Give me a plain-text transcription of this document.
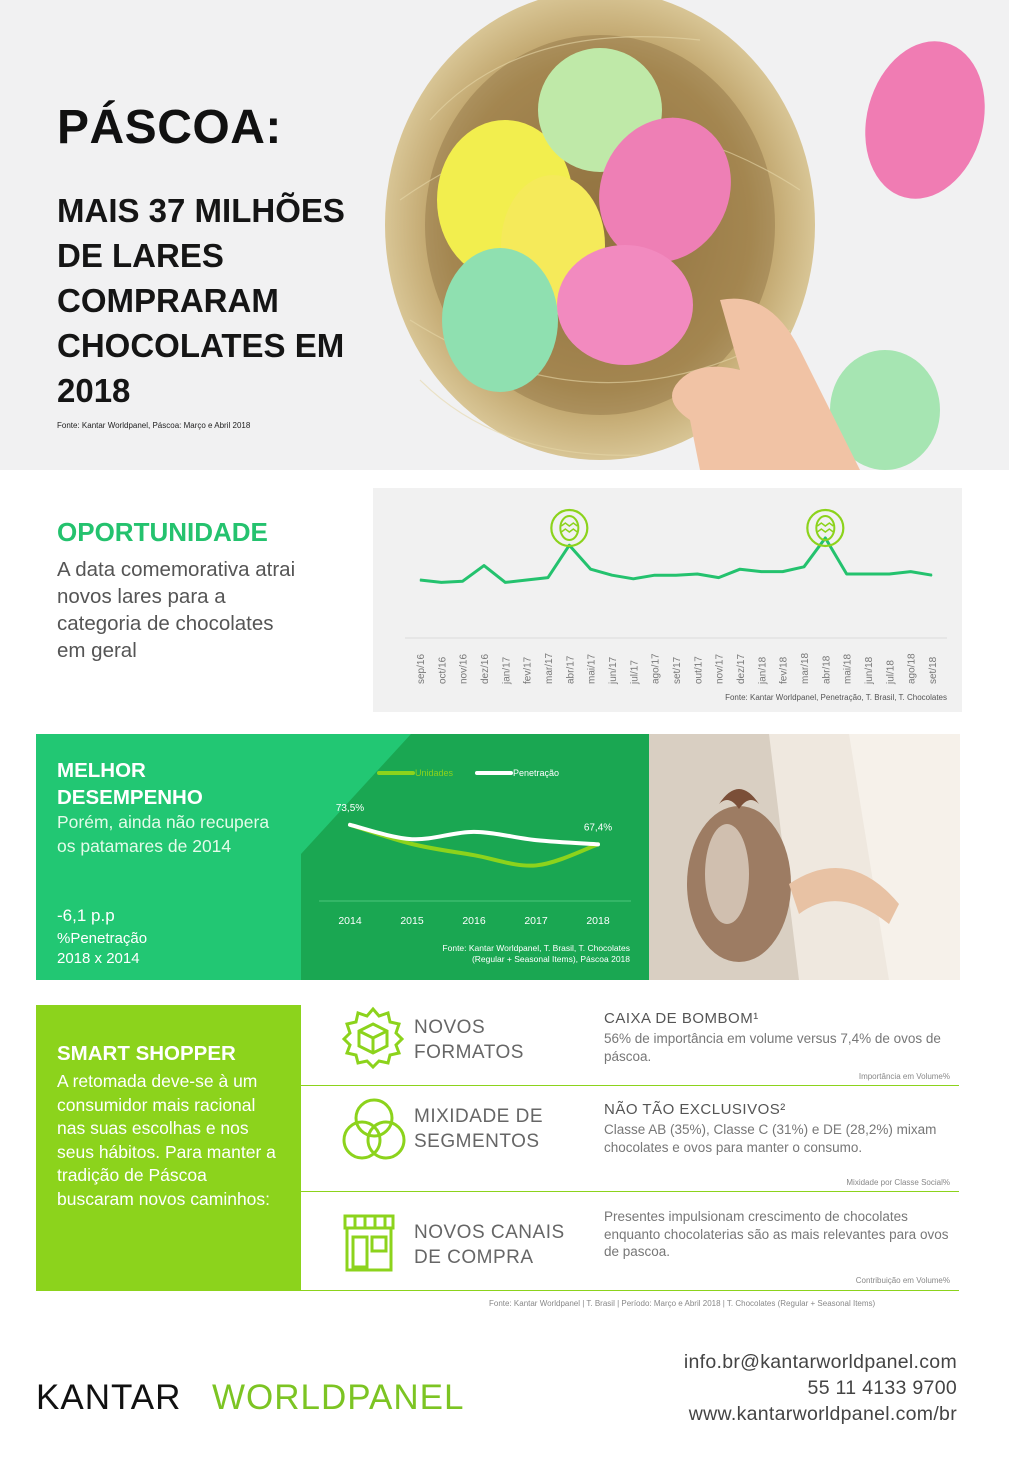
PÁSCOA:

MAIS 37 MILHÕES DE LARES COMPRARAM CHOCOLATES EM 2018

Fonte: Kantar Worldpanel, Páscoa: Março e Abril 2018
OPORTUNIDADE
A data comemorativa atrai novos lares para a categoria de chocolates em geral
sep/16 oct/16 nov/16 dez/16 jan/17 fev/17 mar/17 abr/17 mai/17 jun/17 jul/17 ago/17 set/17 out/17 nov/17 dez/17 jan/18 fev/18 mar/18 abr/18 mai/18 jun/18 jul/18 ago/18 set/18
Fonte: Kantar Worldpanel, Penetração, T. Brasil, T. Chocolates
MELHOR DESEMPENHO
Porém, ainda não recupera os patamares de 2014
-6,1 p.p
%Penetração
2018 x 2014
Unidades	Penetração
2014	2015	2016	2017	2018
73,5%
67,4%
Fonte: Kantar Worldpanel, T. Brasil, T. Chocolates
(Regular + Seasonal Items), Páscoa 2018
SMART SHOPPER
A retomada deve-se à um consumidor mais racional nas suas escolhas e nos seus hábitos. Para manter a tradição de Páscoa buscaram novos caminhos:
NOVOS
FORMATOS
CAIXA DE BOMBOM¹
56% de importância em volume versus 7,4% de ovos de páscoa.
Importância em Volume%
MIXIDADE DE
SEGMENTOS
NÃO TÃO EXCLUSIVOS²
Classe AB (35%), Classe C (31%) e DE (28,2%) mixam chocolates e ovos para manter o consumo.
Mixidade por Classe Social%
NOVOS CANAIS
DE COMPRA
Presentes impulsionam crescimento de chocolates enquanto chocolaterias são as mais relevantes para ovos de pascoa.
Contribuição em Volume%
Fonte: Kantar Worldpanel | T. Brasil | Período: Março e Abril 2018 | T. Chocolates (Regular + Seasonal Items)
KANTAR WORLDPANEL
info.br@kantarworldpanel.com
55 11 4133 9700
www.kantarworldpanel.com/br
